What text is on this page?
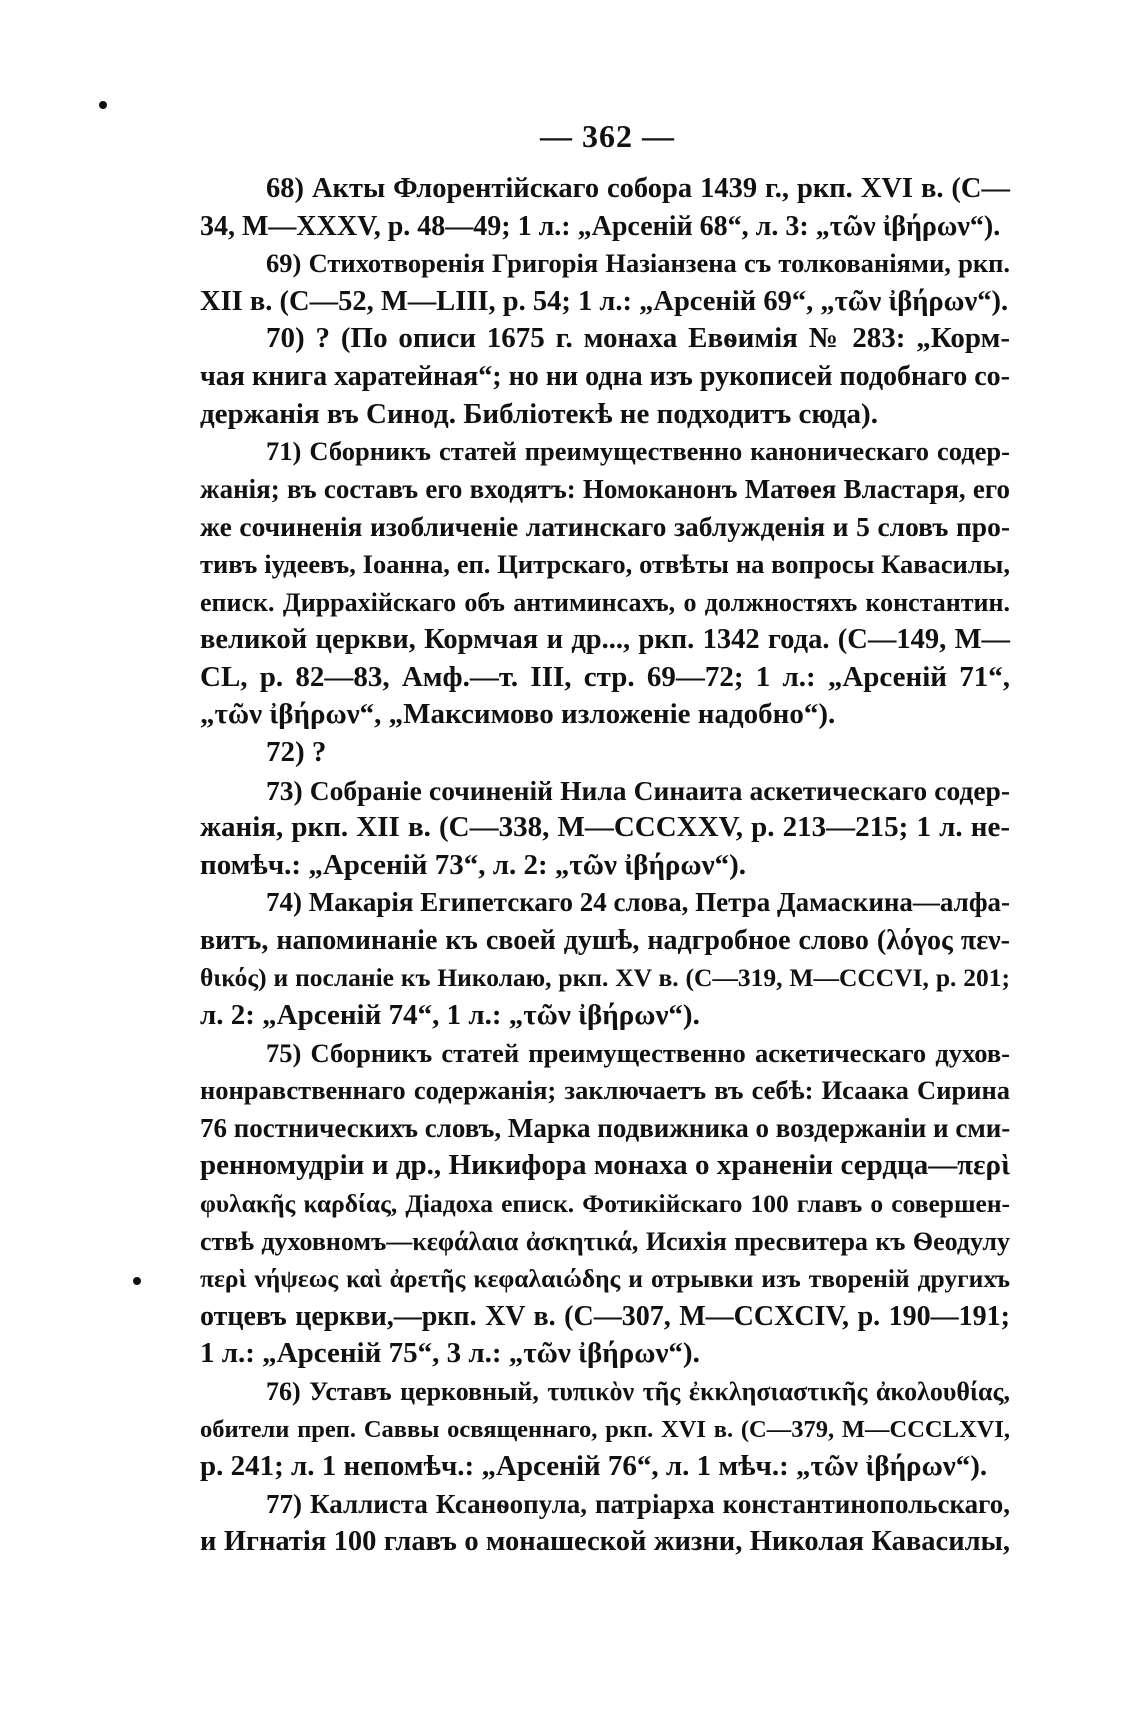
— 362 —
68) Акты Флорентійскаго собора 1439 г., ркп. XVI в. (С—
34, М—XXXV, р. 48—49; 1 л.: „Арсеній 68“, л. 3: „τῶν ἰβήρων“).
69) Стихотворенія Григорія Назіанзена съ толкованіями, ркп.
XII в. (С—52, М—LIII, р. 54; 1 л.: „Арсеній 69“, „τῶν ἰβήρων“).
70) ? (По описи 1675 г. монаха Евѳимія № 283: „Корм-
чая книга харатейная“; но ни одна изъ рукописей подобнаго со-
держанія въ Синод. Библіотекѣ не подходитъ сюда).
71) Сборникъ статей преимущественно каноническаго содер-
жанія; въ составъ его входятъ: Номоканонъ Матѳея Властаря, его
же сочиненія изобличеніе латинскаго заблужденія и 5 словъ про-
тивъ іудеевъ, Іоанна, еп. Цитрскаго, отвѣты на вопросы Кавасилы,
еписк. Диррахійскаго объ антиминсахъ, о должностяхъ константин.
великой церкви, Кормчая и др..., ркп. 1342 года. (С—149, М—
CL, р. 82—83, Амф.—т. III, стр. 69—72; 1 л.: „Арсеній 71“,
„τῶν ἰβήρων“, „Максимово изложеніе надобно“).
72) ?
73) Собраніе сочиненій Нила Синаита аскетическаго содер-
жанія, ркп. XII в. (С—338, М—CCCXXV, р. 213—215; 1 л. не-
помѣч.: „Арсеній 73“, л. 2: „τῶν ἰβήρων“).
74) Макарія Египетскаго 24 слова, Петра Дамаскина—алфа-
витъ, напоминаніе къ своей душѣ, надгробное слово (λόγος πεν-
θικός) и посланіе къ Николаю, ркп. XV в. (С—319, М—CCCVI, р. 201;
л. 2: „Арсеній 74“, 1 л.: „τῶν ἰβήρων“).
75) Сборникъ статей преимущественно аскетическаго духов-
нонравственнаго содержанія; заключаетъ въ себѣ: Исаака Сирина
76 постническихъ словъ, Марка подвижника о воздержаніи и сми-
ренномудріи и др., Никифора монаха о храненіи сердца—περὶ
φυλακῆς καρδίας, Діадоха еписк. Фотикійскаго 100 главъ о совершен-
ствѣ духовномъ—κεφάλαια ἀσκητικά, Исихія пресвитера къ Ѳеодулу
περὶ νήψεως καὶ ἀρετῆς κεφαλαιώδης и отрывки изъ твореній другихъ
отцевъ церкви,—ркп. XV в. (С—307, М—CCXCIV, р. 190—191;
1 л.: „Арсеній 75“, 3 л.: „τῶν ἰβήρων“).
76) Уставъ церковный, τυπικὸν τῆς ἐκκλησιαστικῆς ἀκολουθίας,
обители преп. Саввы освященнаго, ркп. XVI в. (С—379, М—CCCLXVI,
р. 241; л. 1 непомѣч.: „Арсеній 76“, л. 1 мѣч.: „τῶν ἰβήρων“).
77) Каллиста Ксанѳопула, патріарха константинопольскаго,
и Игнатія 100 главъ о монашеской жизни, Николая Кавасилы,
